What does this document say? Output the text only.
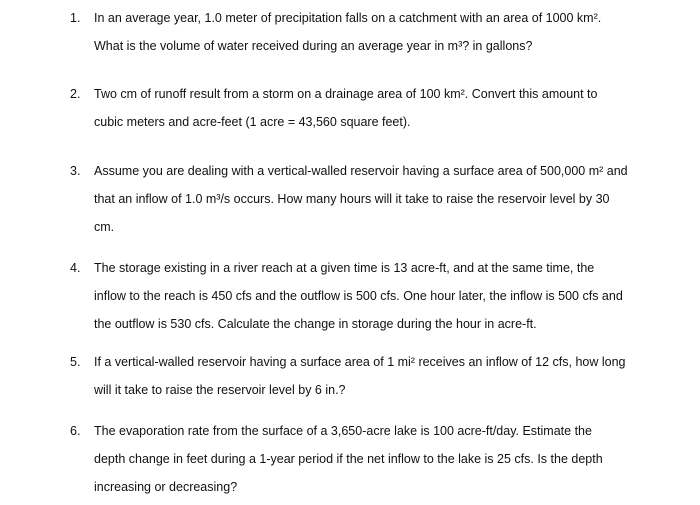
1. In an average year, 1.0 meter of precipitation falls on a catchment with an area of 1000 km².
What is the volume of water received during an average year in m³? in gallons?
2. Two cm of runoff result from a storm on a drainage area of 100 km². Convert this amount to
cubic meters and acre-feet (1 acre = 43,560 square feet).
3. Assume you are dealing with a vertical-walled reservoir having a surface area of 500,000 m² and
that an inflow of 1.0 m³/s occurs. How many hours will it take to raise the reservoir level by 30
cm.
4. The storage existing in a river reach at a given time is 13 acre-ft, and at the same time, the
inflow to the reach is 450 cfs and the outflow is 500 cfs. One hour later, the inflow is 500 cfs and
the outflow is 530 cfs. Calculate the change in storage during the hour in acre-ft.
5. If a vertical-walled reservoir having a surface area of 1 mi² receives an inflow of 12 cfs, how long
will it take to raise the reservoir level by 6 in.?
6. The evaporation rate from the surface of a 3,650-acre lake is 100 acre-ft/day. Estimate the
depth change in feet during a 1-year period if the net inflow to the lake is 25 cfs. Is the depth
increasing or decreasing?
